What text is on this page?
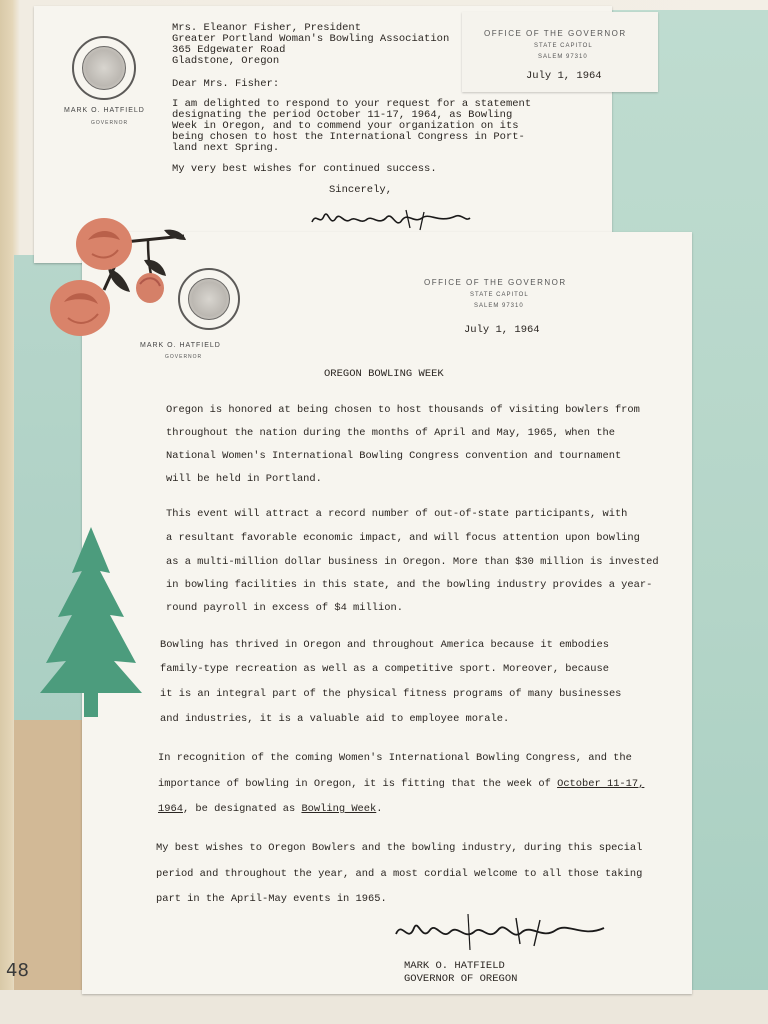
48
MARK O. HATFIELD
GOVERNOR
Mrs. Eleanor Fisher, President
Greater Portland Woman's Bowling Association
365 Edgewater Road
Gladstone, Oregon
Dear Mrs. Fisher:
I am delighted to respond to your request for a statement
designating the period October 11-17, 1964, as Bowling
Week in Oregon, and to commend your organization on its
being chosen to host the International Congress in Port-
land next Spring.
My very best wishes for continued success.
Sincerely,
OFFICE OF THE GOVERNOR
STATE CAPITOL
SALEM 97310
July 1, 1964
MARK O. HATFIELD
GOVERNOR
OFFICE OF THE GOVERNOR
STATE CAPITOL
SALEM 97310
July 1, 1964
OREGON BOWLING WEEK
Oregon is honored at being chosen to host thousands of visiting bowlers from
throughout the nation during the months of April and May, 1965, when the
National Women's International Bowling Congress convention and tournament
will be held in Portland.
This event will attract a record number of out-of-state participants, with
a resultant favorable economic impact, and will focus attention upon bowling
as a multi-million dollar business in Oregon. More than $30 million is invested
in bowling facilities in this state, and the bowling industry provides a year-
round payroll in excess of $4 million.
Bowling has thrived in Oregon and throughout America because it embodies
family-type recreation as well as a competitive sport. Moreover, because
it is an integral part of the physical fitness programs of many businesses
and industries, it is a valuable aid to employee morale.
In recognition of the coming Women's International Bowling Congress, and the
importance of bowling in Oregon, it is fitting that the week of October 11-17,
1964, be designated as Bowling Week.
My best wishes to Oregon Bowlers and the bowling industry, during this special
period and throughout the year, and a most cordial welcome to all those taking
part in the April-May events in 1965.
MARK O. HATFIELD
GOVERNOR OF OREGON
